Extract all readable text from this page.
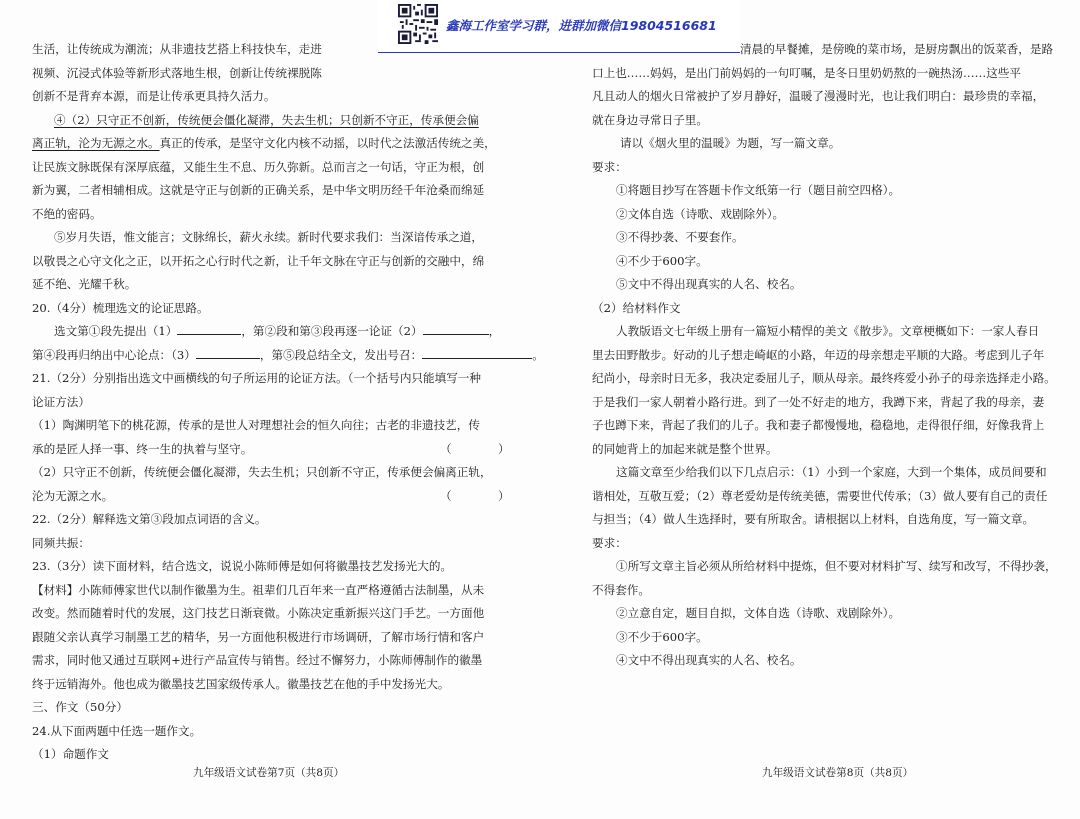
生活，让传统成为潮流；从非遗技艺搭上科技快车，走进
视频、沉浸式体验等新形式落地生根，创新让传统裸脱陈
创新不是背弃本源，而是让传承更具持久活力。
④（2）只守正不创新，传统便会僵化凝滞，失去生机；只创新不守正，传承便会偏
离正轨，沦为无源之水。真正的传承，是坚守文化内核不动摇，以时代之法激活传统之美，
让民族文脉既保有深厚底蕴，又能生生不息、历久弥新。总而言之一句话，守正为根，创
新为翼，二者相辅相成。这就是守正与创新的正确关系，是中华文明历经千年沧桑而绵延
不绝的密码。
⑤岁月失语，惟文能言；文脉绵长，薪火永续。新时代要求我们：当深谙传承之道，
以敬畏之心守文化之正，以开拓之心行时代之新，让千年文脉在守正与创新的交融中，绵
延不绝、光耀千秋。
20.（4分）梳理选文的论证思路。
选文第①段先提出（1）	，第②段和第③段再逐一论证（2）	，
第④段再归纳出中心论点：（3）	，第⑤段总结全文，发出号召：	。
21.（2分）分别指出选文中画横线的句子所运用的论证方法。（一个括号内只能填写一种
论证方法）
（1）陶渊明笔下的桃花源，传承的是世人对理想社会的恒久向往；古老的非遗技艺，传
承的是匠人择一事、终一生的执着与坚守。	（　　　　）
（2）只守正不创新，传统便会僵化凝滞，失去生机；只创新不守正，传承便会偏离正轨，
沦为无源之水。	（　　　　）
22.（2分）解释选文第③段加点词语的含义。
同频共振：
23.（3分）读下面材料，结合选文，说说小陈师傅是如何将徽墨技艺发扬光大的。
【材料】小陈师傅家世代以制作徽墨为生。祖辈们几百年来一直严格遵循古法制墨，从未
改变。然而随着时代的发展，这门技艺日渐衰微。小陈决定重新振兴这门手艺。一方面他
跟随父亲认真学习制墨工艺的精华，另一方面他积极进行市场调研，了解市场行情和客户
需求，同时他又通过互联网+进行产品宣传与销售。经过不懈努力，小陈师傅制作的徽墨
终于远销海外。他也成为徽墨技艺国家级传承人。徽墨技艺在他的手中发扬光大。
三、作文（50分）
24.从下面两题中任选一题作文。
（1）命题作文
九年级语文试卷第7页（共8页）
清晨的早餐摊，是傍晚的菜市场，是厨房飘出的饭菜香，是路
口上也……妈妈，是出门前妈妈的一句叮嘱，是冬日里奶奶熬的一碗热汤……这些平
凡且动人的烟火日常被护了岁月静好，温暖了漫漫时光，也让我们明白：最珍贵的幸福，
就在身边寻常日子里。
请以《烟火里的温暖》为题，写一篇文章。
要求：
①将题目抄写在答题卡作文纸第一行（题目前空四格）。
②文体自选（诗歌、戏剧除外）。
③不得抄袭、不要套作。
④不少于600字。
⑤文中不得出现真实的人名、校名。
（2）给材料作文
人教版语文七年级上册有一篇短小精悍的美文《散步》。文章梗概如下：一家人春日
里去田野散步。好动的儿子想走崎岖的小路，年迈的母亲想走平顺的大路。考虑到儿子年
纪尚小，母亲时日无多，我决定委屈儿子，顺从母亲。最终疼爱小孙子的母亲选择走小路。
于是我们一家人朝着小路行进。到了一处不好走的地方，我蹲下来，背起了我的母亲，妻
子也蹲下来，背起了我们的儿子。我和妻子都慢慢地，稳稳地，走得很仔细，好像我背上
的同她背上的加起来就是整个世界。
这篇文章至少给我们以下几点启示：（1）小到一个家庭，大到一个集体，成员间要和
谐相处，互敬互爱；（2）尊老爱幼是传统美德，需要世代传承；（3）做人要有自己的责任
与担当；（4）做人生选择时，要有所取舍。请根据以上材料，自选角度，写一篇文章。
要求：
①所写文章主旨必须从所给材料中提炼，但不要对材料扩写、续写和改写，不得抄袭，
不得套作。
②立意自定，题目自拟，文体自选（诗歌、戏剧除外）。
③不少于600字。
④文中不得出现真实的人名、校名。
九年级语文试卷第8页（共8页）
鑫海工作室学习群，进群加微信19804516681
